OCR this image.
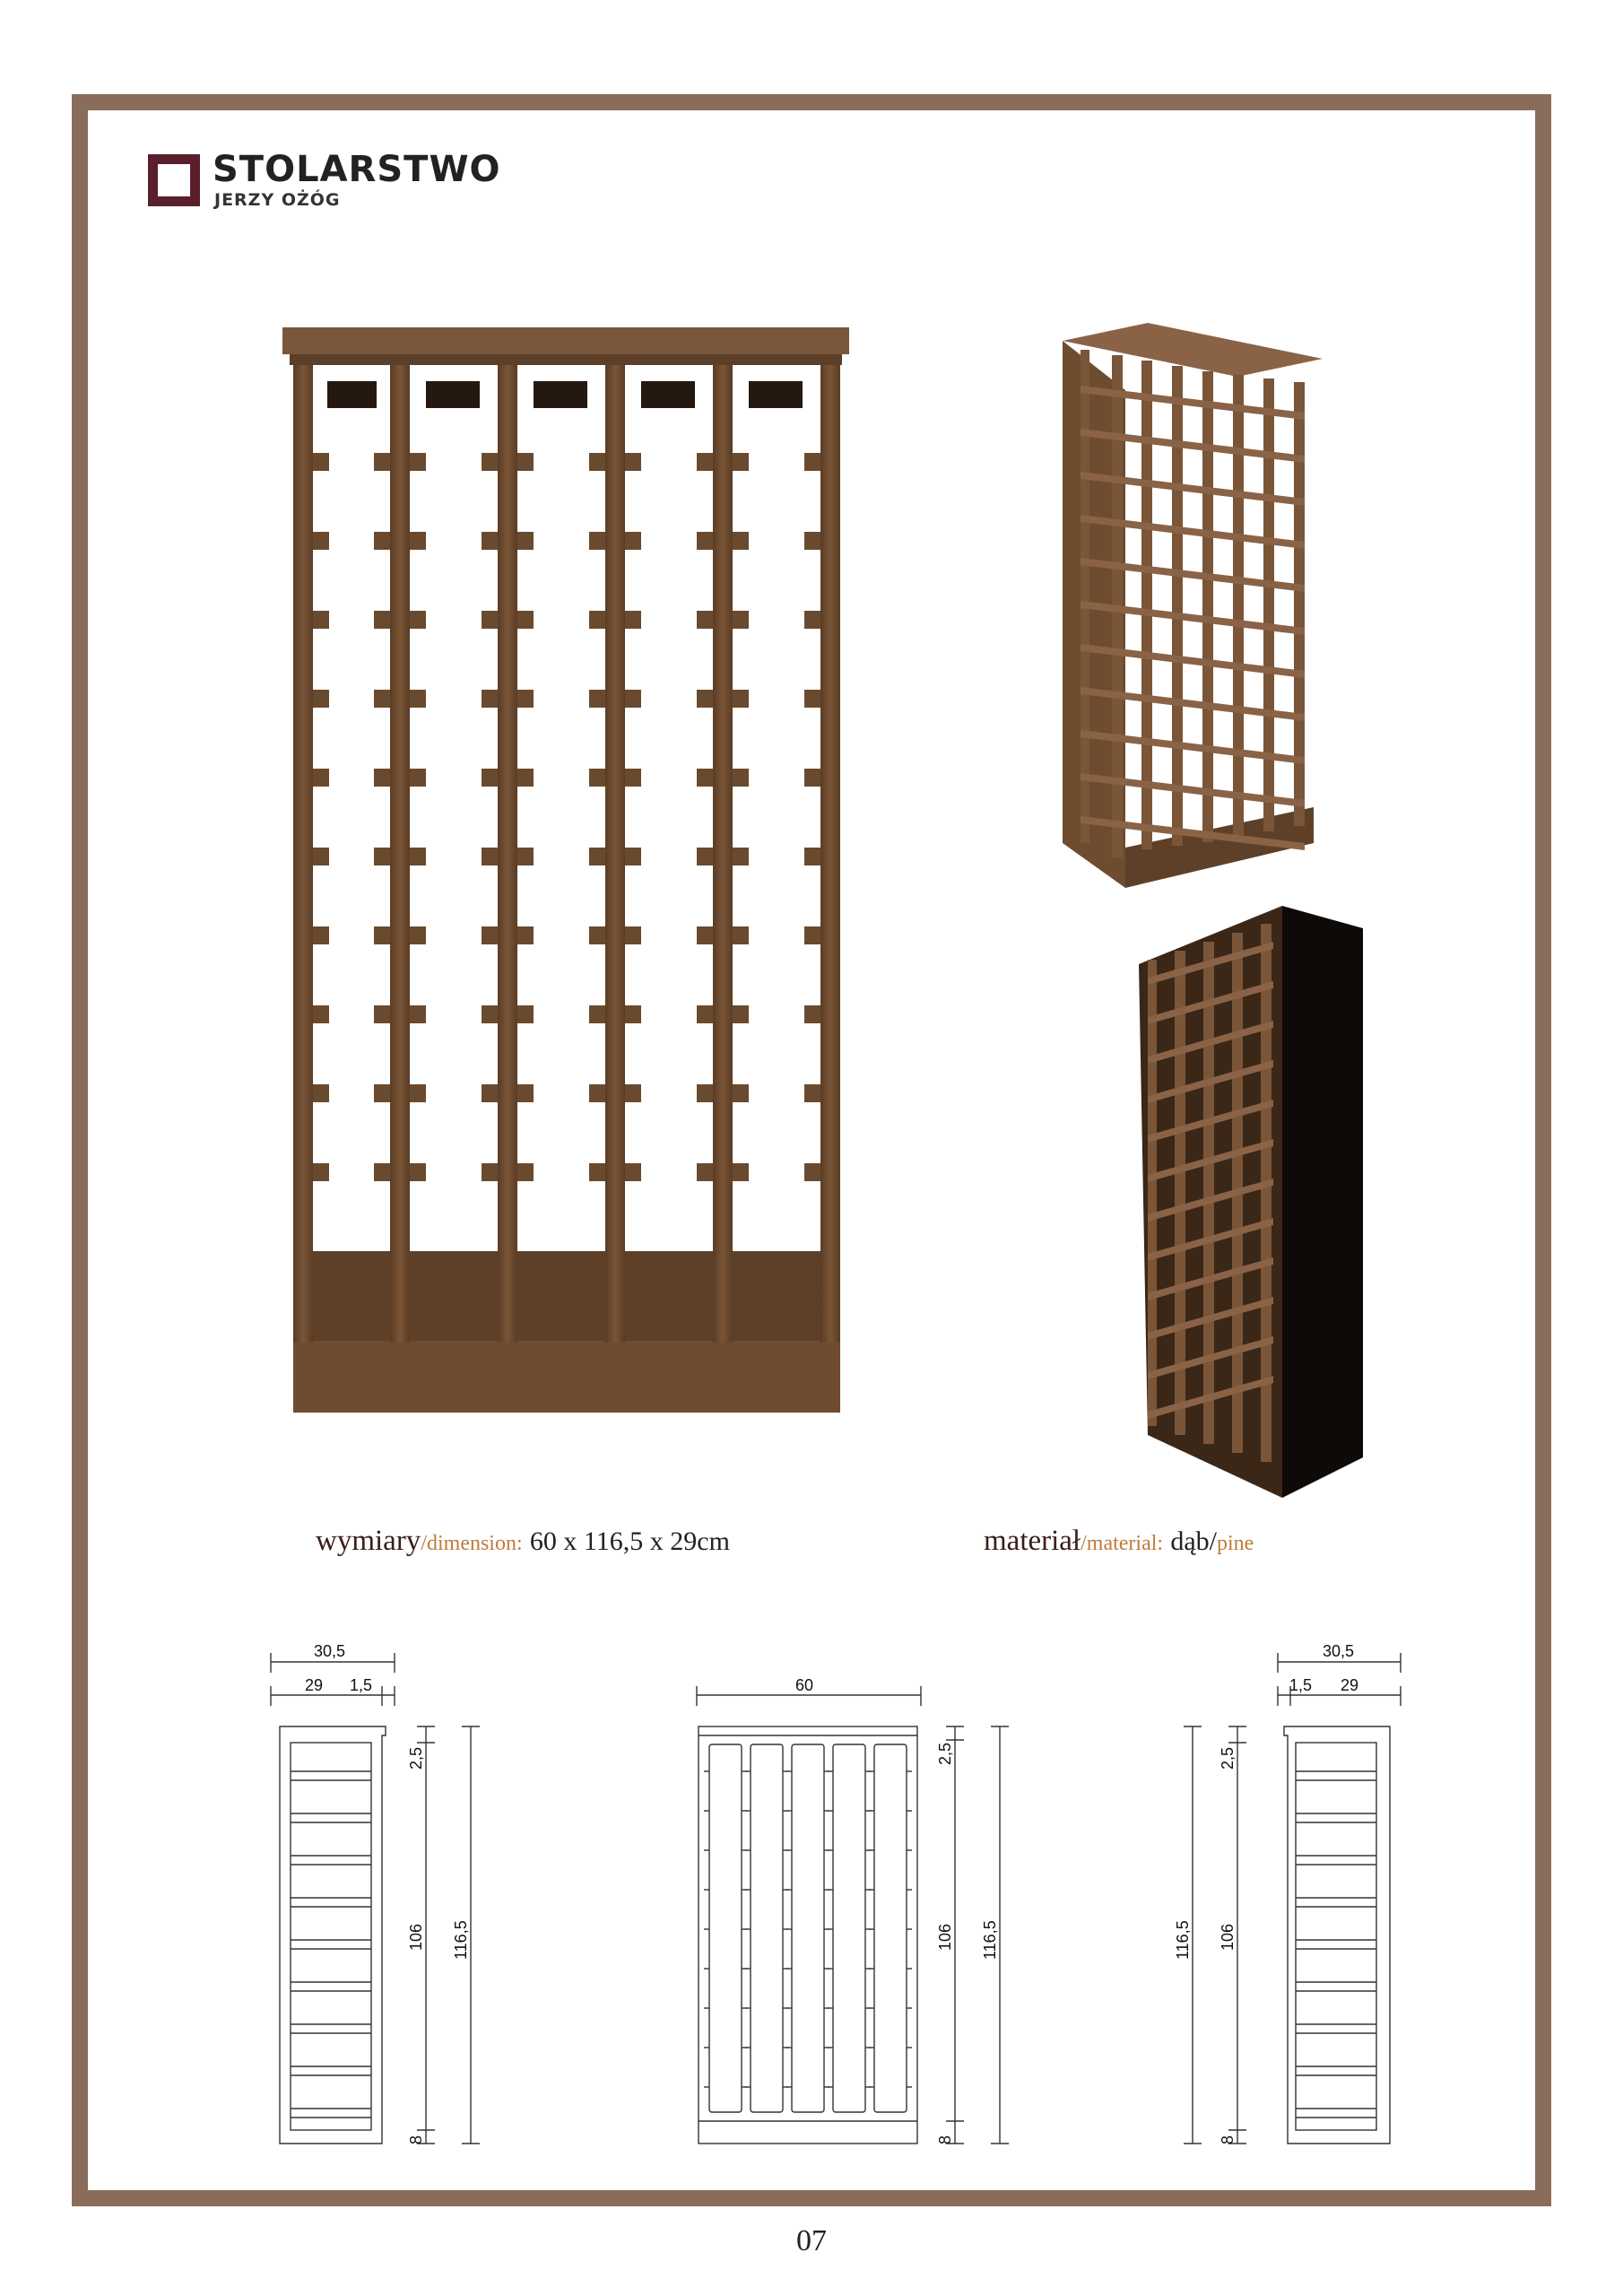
STOLARSTWO
JERZY OŻÓG
wymiary/dimension: 60 x 116,5 x 29cm	materiał/material: dąb/pine
30,5
29 1,5
2,5
106 116,5
8
60
2,5
106 116,5
8
30,5
1,5 29
116,5
2,5
106
8
07
